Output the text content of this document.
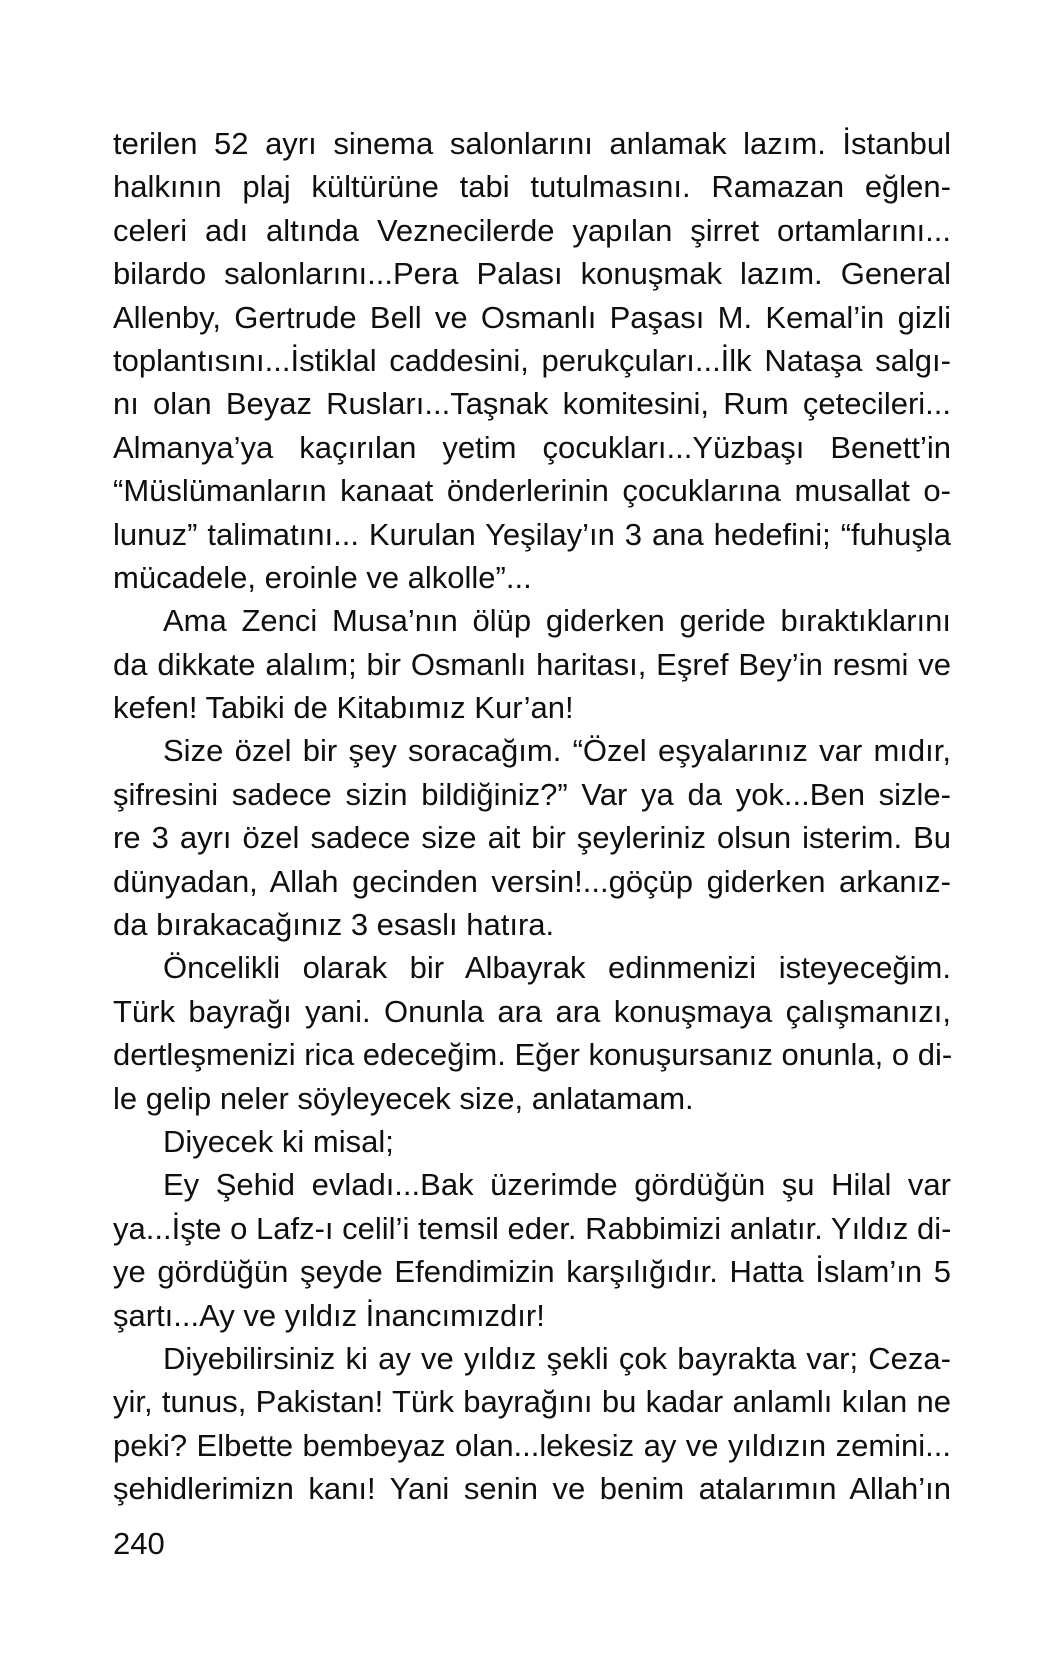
terilen 52 ayrı sinema salonlarını anlamak lazım. İstanbul
halkının plaj kültürüne tabi tutulmasını. Ramazan eğlen-
celeri adı altında Veznecilerde yapılan şirret ortamlarını...
bilardo salonlarını...Pera Palası konuşmak lazım. General
Allenby, Gertrude Bell ve Osmanlı Paşası M. Kemal’in gizli
toplantısını...İstiklal caddesini, perukçuları...İlk Nataşa salgı-
nı olan Beyaz Rusları...Taşnak komitesini, Rum çetecileri...
Almanya’ya kaçırılan yetim çocukları...Yüzbaşı Benett’in
“Müslümanların kanaat önderlerinin çocuklarına musallat o-
lunuz” talimatını... Kurulan Yeşilay’ın 3 ana hedefini; “fuhuşla
mücadele, eroinle ve alkolle”...
Ama Zenci Musa’nın ölüp giderken geride bıraktıklarını
da dikkate alalım; bir Osmanlı haritası, Eşref Bey’in resmi ve
kefen! Tabiki de Kitabımız Kur’an!
Size özel bir şey soracağım. “Özel eşyalarınız var mıdır,
şifresini sadece sizin bildiğiniz?” Var ya da yok...Ben sizle-
re 3 ayrı özel sadece size ait bir şeyleriniz olsun isterim. Bu
dünyadan, Allah gecinden versin!...göçüp giderken arkanız-
da bırakacağınız 3 esaslı hatıra.
Öncelikli olarak bir Albayrak edinmenizi isteyeceğim.
Türk bayrağı yani. Onunla ara ara konuşmaya çalışmanızı,
dertleşmenizi rica edeceğim. Eğer konuşursanız onunla, o di-
le gelip neler söyleyecek size, anlatamam.
Diyecek ki misal;
Ey Şehid evladı...Bak üzerimde gördüğün şu Hilal var
ya...İşte o Lafz-ı celil’i temsil eder. Rabbimizi anlatır. Yıldız di-
ye gördüğün şeyde Efendimizin karşılığıdır. Hatta İslam’ın 5
şartı...Ay ve yıldız İnancımızdır!
Diyebilirsiniz ki ay ve yıldız şekli çok bayrakta var; Ceza-
yir, tunus, Pakistan! Türk bayrağını bu kadar anlamlı kılan ne
peki? Elbette bembeyaz olan...lekesiz ay ve yıldızın zemini...
şehidlerimizn kanı! Yani senin ve benim atalarımın Allah’ın
240
